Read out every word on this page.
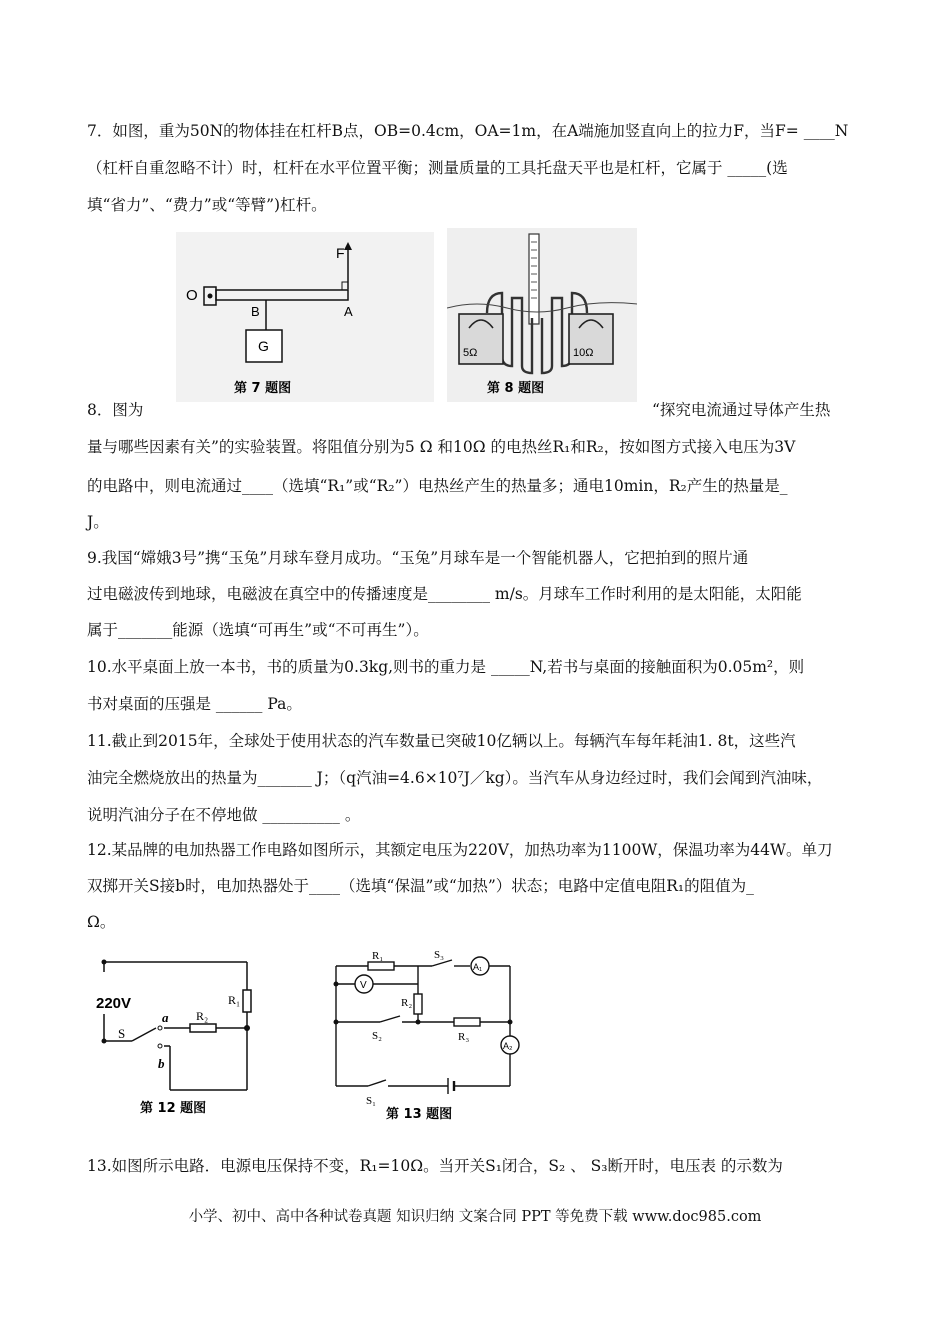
7．如图，重为50N的物体挂在杠杆B点，OB=0.4cm，OA=1m，在A端施加竖直向上的拉力F，当F= ____N
（杠杆自重忽略不计）时，杠杆在水平位置平衡；测量质量的工具托盘天平也是杠杆，它属于 _____(选
填“省力”、“费力”或“等臂”)杠杆。
O
F
A
B
G
第 7 题图
5Ω	10Ω
第 8 题图
8．图为	“探究电流通过导体产生热
量与哪些因素有关”的实验装置。将阻值分别为5 Ω 和10Ω 的电热丝R₁和R₂，按如图方式接入电压为3V
的电路中，则电流通过____（选填“R₁”或“R₂”）电热丝产生的热量多；通电10min，R₂产生的热量是_
J。
9.我国“嫦娥3号”携“玉兔”月球车登月成功。“玉兔”月球车是一个智能机器人，它把拍到的照片通
过电磁波传到地球，电磁波在真空中的传播速度是________ m/s。月球车工作时利用的是太阳能，太阳能
属于_______能源（选填“可再生”或“不可再生”）。
10.水平桌面上放一本书，书的质量为0.3kg,则书的重力是 _____N,若书与桌面的接触面积为0.05m²，则
书对桌面的压强是 ______ Pa。
11.截止到2015年，全球处于使用状态的汽车数量已突破10亿辆以上。每辆汽车每年耗油1. 8t，这些汽
油完全燃烧放出的热量为_______ J；（q汽油=4.6×10⁷J／kg）。当汽车从身边经过时，我们会闻到汽油味，
说明汽油分子在不停地做 __________ 。
12.某品牌的电加热器工作电路如图所示，其额定电压为220V，加热功率为1100W，保温功率为44W。单刀
双掷开关S接b时，电加热器处于____（选填“保温”或“加热”）状态；电路中定值电阻R₁的阻值为_
Ω。
220V	R₁
R₂
S
a
b
第 12 题图
R₁
R₂
R₃
S₃
S₂
S₁
V
A₁
A₂
第 13 题图
13.如图所示电路．电源电压保持不变，R₁=10Ω。当开关S₁闭合，S₂ 、 S₃断开时，电压表 的示数为
小学、初中、高中各种试卷真题 知识归纳 文案合同 PPT 等免费下载 www.doc985.com
